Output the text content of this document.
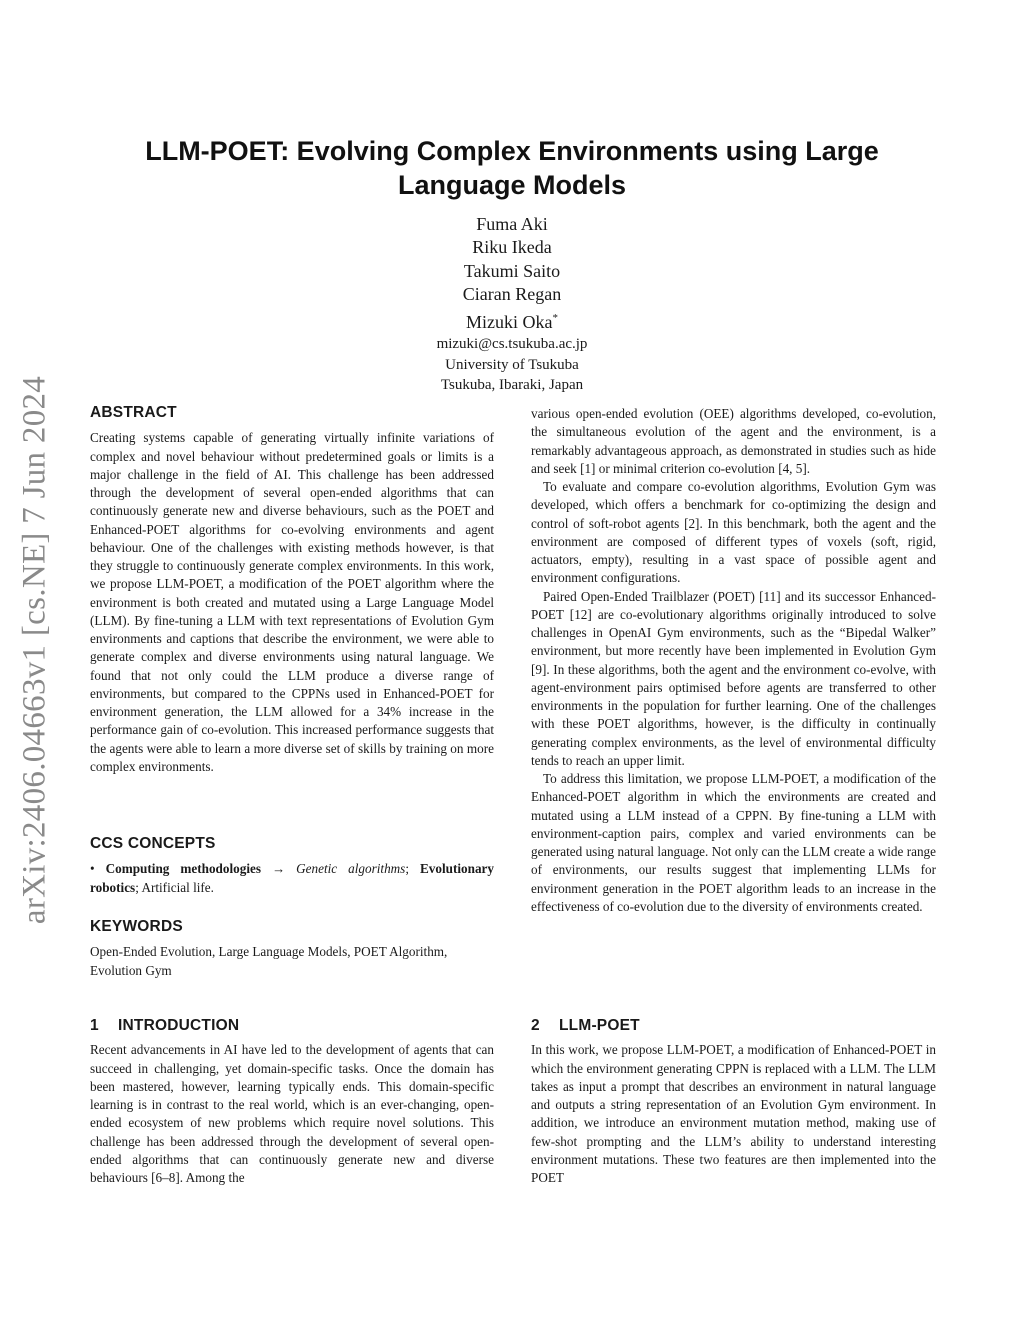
arXiv:2406.04663v1 [cs.NE] 7 Jun 2024
LLM-POET: Evolving Complex Environments using Large
Language Models
Fuma Aki
Riku Ikeda
Takumi Saito
Ciaran Regan
Mizuki Oka*
mizuki@cs.tsukuba.ac.jp
University of Tsukuba
Tsukuba, Ibaraki, Japan
ABSTRACT

Creating systems capable of generating virtually infinite variations of complex and novel behaviour without predetermined goals or limits is a major challenge in the field of AI. This challenge has been addressed through the development of several open-ended algorithms that can continuously generate new and diverse behaviours, such as the POET and Enhanced-POET algorithms for co-evolving environments and agent behaviour. One of the challenges with existing methods however, is that they struggle to continuously generate complex environments. In this work, we propose LLM-POET, a modification of the POET algorithm where the environment is both created and mutated using a Large Language Model (LLM). By fine-tuning a LLM with text representations of Evolution Gym environments and captions that describe the environment, we were able to generate complex and diverse environments using natural language. We found that not only could the LLM produce a diverse range of environments, but compared to the CPPNs used in Enhanced-POET for environment generation, the LLM allowed for a 34% increase in the performance gain of co-evolution. This increased performance suggests that the agents were able to learn a more diverse set of skills by training on more complex environments.

CCS CONCEPTS

• Computing methodologies → Genetic algorithms; Evolutionary robotics; Artificial life.

KEYWORDS

Open-Ended Evolution, Large Language Models, POET Algorithm, Evolution Gym

1 INTRODUCTION

Recent advancements in AI have led to the development of agents that can succeed in challenging, yet domain-specific tasks. Once the domain has been mastered, however, learning typically ends. This domain-specific learning is in contrast to the real world, which is an ever-changing, open-ended ecosystem of new problems which require novel solutions. This challenge has been addressed through the development of several open-ended algorithms that can continuously generate new and diverse behaviours [6–8]. Among the

various open-ended evolution (OEE) algorithms developed, co-evolution, the simultaneous evolution of the agent and the environment, is a remarkably advantageous approach, as demonstrated in studies such as hide and seek [1] or minimal criterion co-evolution [4, 5].

To evaluate and compare co-evolution algorithms, Evolution Gym was developed, which offers a benchmark for co-optimizing the design and control of soft-robot agents [2]. In this benchmark, both the agent and the environment are composed of different types of voxels (soft, rigid, actuators, empty), resulting in a vast space of possible agent and environment configurations.

Paired Open-Ended Trailblazer (POET) [11] and its successor Enhanced-POET [12] are co-evolutionary algorithms originally introduced to solve challenges in OpenAI Gym environments, such as the “Bipedal Walker” environment, but more recently have been implemented in Evolution Gym [9]. In these algorithms, both the agent and the environment co-evolve, with agent-environment pairs optimised before agents are transferred to other environments in the population for further learning. One of the challenges with these POET algorithms, however, is the difficulty in continually generating complex environments, as the level of environmental difficulty tends to reach an upper limit.

To address this limitation, we propose LLM-POET, a modification of the Enhanced-POET algorithm in which the environments are created and mutated using a LLM instead of a CPPN. By fine-tuning a LLM with environment-caption pairs, complex and varied environments can be generated using natural language. Not only can the LLM create a wide range of environments, our results suggest that implementing LLMs for environment generation in the POET algorithm leads to an increase in the effectiveness of co-evolution due to the diversity of environments created.

2 LLM-POET

In this work, we propose LLM-POET, a modification of Enhanced-POET in which the environment generating CPPN is replaced with a LLM. The LLM takes as input a prompt that describes an environment in natural language and outputs a string representation of an Evolution Gym environment. In addition, we introduce an environment mutation method, making use of few-shot prompting and the LLM’s ability to understand interesting environment mutations. These two features are then implemented into the POET
